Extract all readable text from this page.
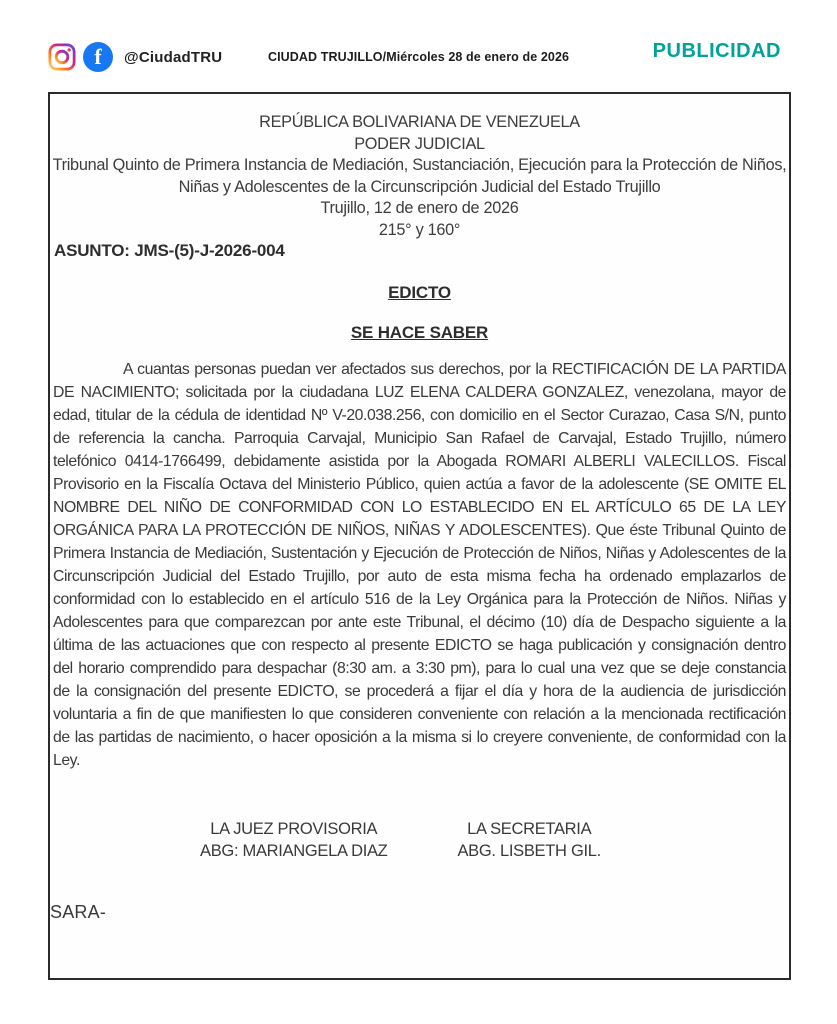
f	@CiudadTRU	CIUDAD TRUJILLO/Miércoles 28 de enero de 2026	PUBLICIDAD
REPÚBLICA BOLIVARIANA DE VENEZUELA
PODER JUDICIAL
Tribunal Quinto de Primera Instancia de Mediación, Sustanciación, Ejecución para la Protección de Niños, Niñas y Adolescentes de la Circunscripción Judicial del Estado Trujillo
Trujillo, 12 de enero de 2026
215° y 160°
ASUNTO: JMS-(5)-J-2026-004
EDICTO
SE HACE SABER

A cuantas personas puedan ver afectados sus derechos, por la RECTIFICACIÓN DE LA PARTIDA DE NACIMIENTO; solicitada por la ciudadana LUZ ELENA CALDERA GONZALEZ, venezolana, mayor de edad, titular de la cédula de identidad Nº V-20.038.256, con domicilio en el Sector Curazao, Casa S/N, punto de referencia la cancha. Parroquia Carvajal, Municipio San Rafael de Carvajal, Estado Trujillo, número telefónico 0414-1766499, debidamente asistida por la Abogada ROMARI ALBERLI VALECILLOS. Fiscal Provisorio en la Fiscalía Octava del Ministerio Público, quien actúa a favor de la adolescente (SE OMITE EL NOMBRE DEL NIÑO DE CONFORMIDAD CON LO ESTABLECIDO EN EL ARTÍCULO 65 DE LA LEY ORGÁNICA PARA LA PROTECCIÓN DE NIÑOS, NIÑAS Y ADOLESCENTES). Que éste Tribunal Quinto de Primera Instancia de Mediación, Sustentación y Ejecución de Protección de Niños, Niñas y Adolescentes de la Circunscripción Judicial del Estado Trujillo, por auto de esta misma fecha ha ordenado emplazarlos de conformidad con lo establecido en el artículo 516 de la Ley Orgánica para la Protección de Niños. Niñas y Adolescentes para que comparezcan por ante este Tribunal, el décimo (10) día de Despacho siguiente a la última de las actuaciones que con respecto al presente EDICTO se haga publicación y consignación dentro del horario comprendido para despachar (8:30 am. a 3:30 pm), para lo cual una vez que se deje constancia de la consignación del presente EDICTO, se procederá a fijar el día y hora de la audiencia de jurisdicción voluntaria a fin de que manifiesten lo que consideren conveniente con relación a la mencionada rectificación de las partidas de nacimiento, o hacer oposición a la misma si lo creyere conveniente, de conformidad con la Ley.

LA JUEZ PROVISORIA
ABG: MARIANGELA DIAZ
LA SECRETARIA
ABG. LISBETH GIL.
SARA-
